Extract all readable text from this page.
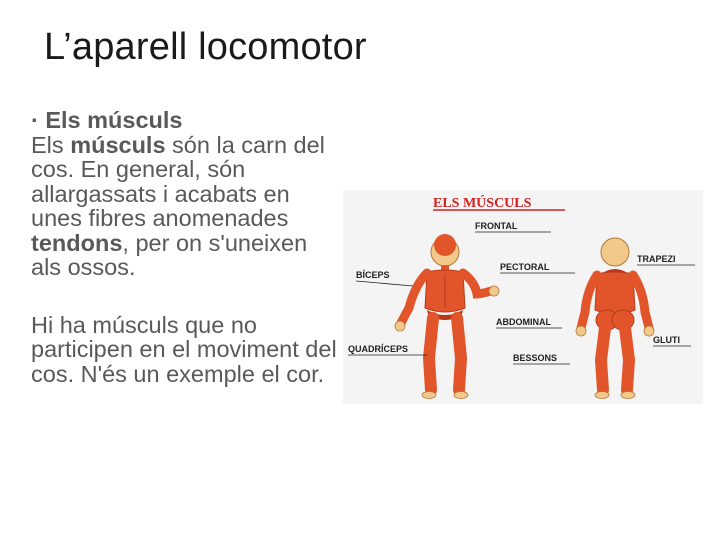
L’aparell locomotor

· Els músculs

Els músculs són la carn del cos. En general, són allargassats i acabats en unes fibres anomenades tendons, per on s'uneixen als ossos.

Hi ha músculs que no participen en el moviment del cos. N'és un exemple el cor.

ELS MÚSCULS
FRONTAL
BÍCEPS
PECTORAL
ABDOMINAL
QUADRÍCEPS
BESSONS
TRAPEZI
GLUTI
